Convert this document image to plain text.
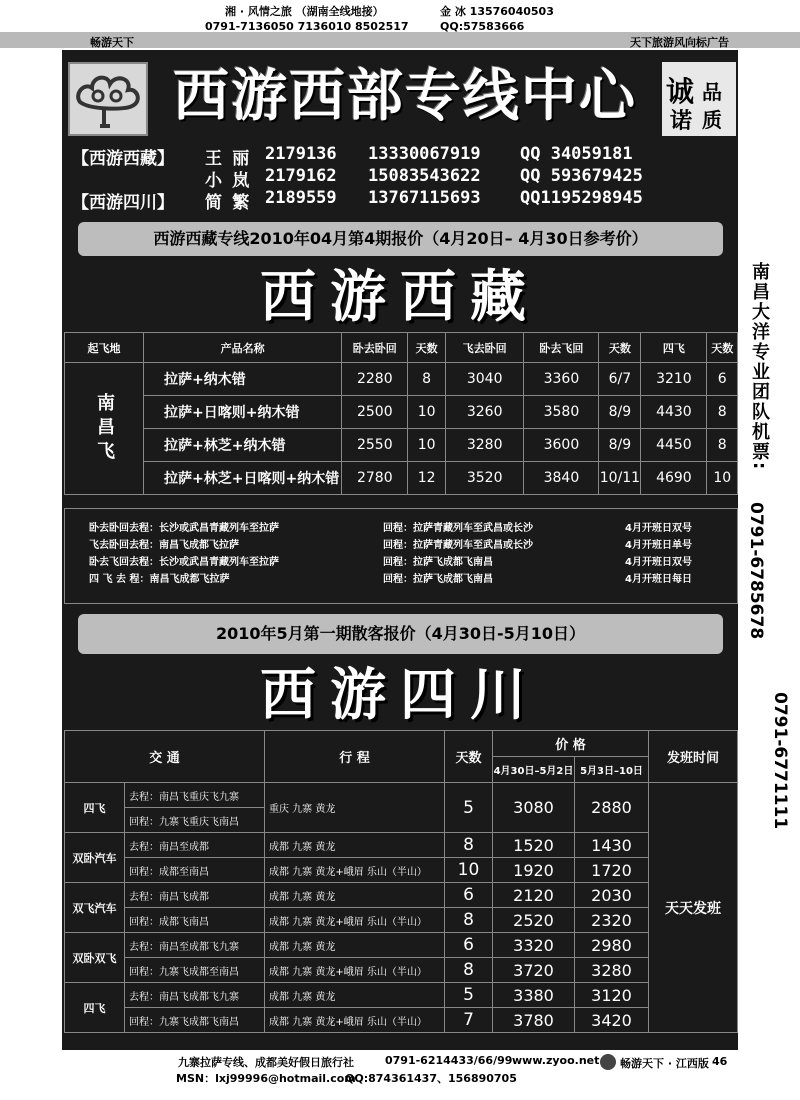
湘 · 风情之旅 （湖南全线地接）
0791-7136050 7136010 8502517
金 冰 13576040503
QQ:57583666
畅游天下	天下旅游风向标广告
西游西部专线中心	诚 品
诺 质
【西游西藏】 王 丽 2179136 13330067919 QQ 34059181
小 岚 2179162 15083543622 QQ 593679425
【西游四川】 简 繁 2189559 13767115693 QQ1195298945
西游西藏专线2010年04月第4期报价（4月20日– 4月30日参考价）
西游西藏
起飞地	产品名称	卧去卧回	天数	飞去卧回	卧去飞回	天数	四飞	天数
南昌飞	拉萨+纳木错	2280	8	3040	3360	6/7	3210	6
	拉萨+日喀则+纳木错	2500	10	3260	3580	8/9	4430	8
	拉萨+林芝+纳木错	2550	10	3280	3600	8/9	4450	8
	拉萨+林芝+日喀则+纳木错	2780	12	3520	3840	10/11	4690	10
卧去卧回去程：长沙或武昌青藏列车至拉萨	回程：拉萨青藏列车至武昌或长沙	4月开班日双号
飞去卧回去程：南昌飞成都飞拉萨	回程：拉萨青藏列车至武昌或长沙	4月开班日单号
卧去飞回去程：长沙或武昌青藏列车至拉萨	回程：拉萨飞成都飞南昌	4月开班日双号
四 飞 去 程：南昌飞成都飞拉萨	回程：拉萨飞成都飞南昌	4月开班日每日
2010年5月第一期散客报价（4月30日-5月10日）
西游四川
交 通		行 程	天数	价 格		发班时间
				4月30日–5月2日	5月3日–10日	
四飞	去程：南昌飞重庆飞九寨	重庆 九寨 黄龙	5	3080	2880	天天发班
	回程：九寨飞重庆飞南昌					
双卧汽车	去程：南昌至成都	成都 九寨 黄龙	8	1520	1430	
	回程：成都至南昌	成都 九寨 黄龙+峨眉 乐山（半山）	10	1920	1720	
双飞汽车	去程：南昌飞成都	成都 九寨 黄龙	6	2120	2030	
	回程：成都飞南昌	成都 九寨 黄龙+峨眉 乐山（半山）	8	2520	2320	
双卧双飞	去程：南昌至成都飞九寨	成都 九寨 黄龙	6	3320	2980	
	回程：九寨飞成都至南昌	成都 九寨 黄龙+峨眉 乐山（半山）	8	3720	3280	
四飞	去程：南昌飞成都飞九寨	成都 九寨 黄龙	5	3380	3120	
	回程：九寨飞成都飞南昌	成都 九寨 黄龙+峨眉 乐山（半山）	7	3780	3420	
南昌大洋专业团队机票:
0791-6785678
0791-6771111
九寨拉萨专线、成都美好假日旅行社	0791-6214433/66/99 www.zyoo.net
MSN：lxj99996@hotmail.com
QQ:874361437、156890705
畅游天下 · 江西版 46
